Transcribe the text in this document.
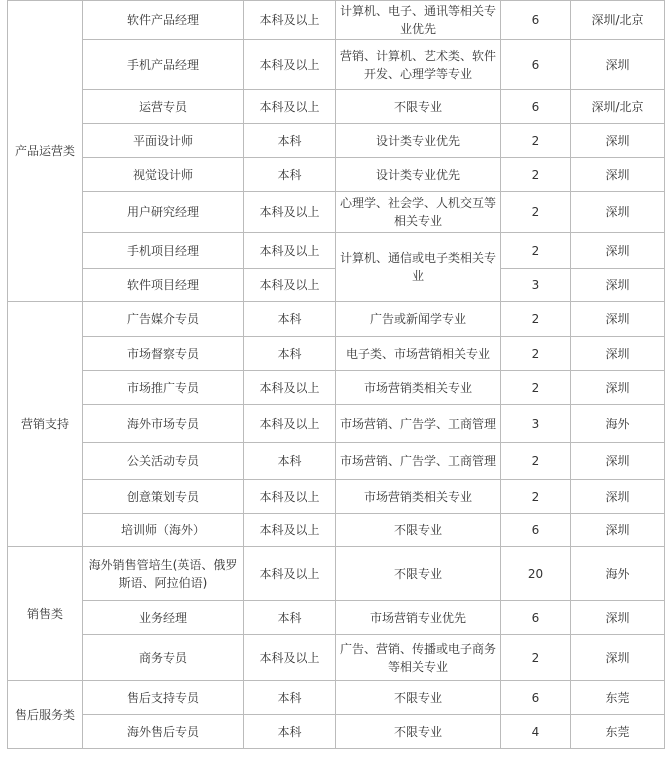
产品运营类	软件产品经理	本科及以上	计算机、电子、通讯等相关专业优先	6	深圳/北京
	手机产品经理	本科及以上	营销、计算机、艺术类、软件开发、心理学等专业	6	深圳
	运营专员	本科及以上	不限专业	6	深圳/北京
	平面设计师	本科	设计类专业优先	2	深圳
	视觉设计师	本科	设计类专业优先	2	深圳
	用户研究经理	本科及以上	心理学、社会学、人机交互等相关专业	2	深圳
	手机项目经理	本科及以上	计算机、通信或电子类相关专业	2	深圳
	软件项目经理	本科及以上		3	深圳
营销支持	广告媒介专员	本科	广告或新闻学专业	2	深圳
	市场督察专员	本科	电子类、市场营销相关专业	2	深圳
	市场推广专员	本科及以上	市场营销类相关专业	2	深圳
	海外市场专员	本科及以上	市场营销、广告学、工商管理	3	海外
	公关活动专员	本科	市场营销、广告学、工商管理	2	深圳
	创意策划专员	本科及以上	市场营销类相关专业	2	深圳
	培训师（海外）	本科及以上	不限专业	6	深圳
销售类	海外销售管培生(英语、俄罗斯语、阿拉伯语)	本科及以上	不限专业	20	海外
	业务经理	本科	市场营销专业优先	6	深圳
	商务专员	本科及以上	广告、营销、传播或电子商务等相关专业	2	深圳
售后服务类	售后支持专员	本科	不限专业	6	东莞
	海外售后专员	本科	不限专业	4	东莞
